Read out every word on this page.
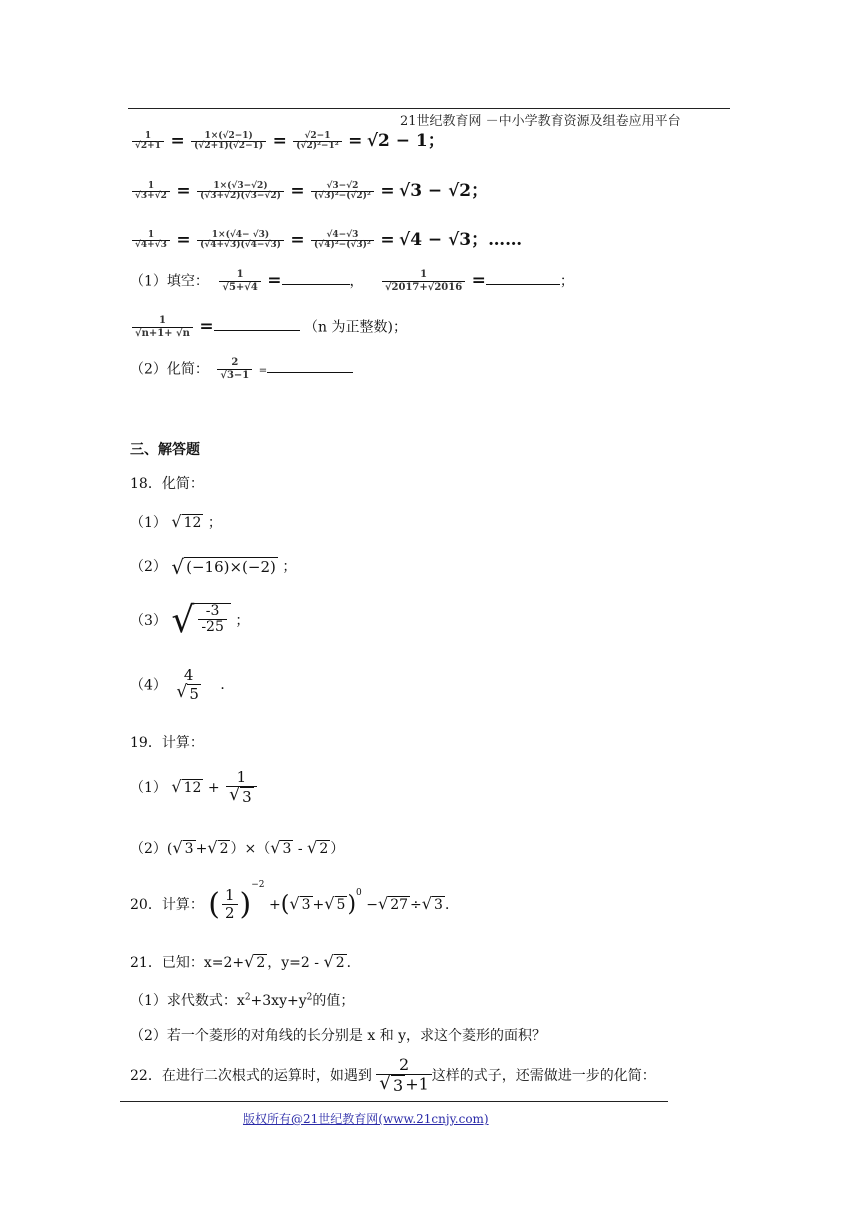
21世纪教育网 －中小学教育资源及组卷应用平台
版权所有@21世纪教育网(www.21cnjy.com)
$\frac{1}{√2+1} = \frac{1\times(√2-1)}{(√2+1)(√2-1)} = \frac{√2-1}{\text{(√2)²−1²}} = √2 - 1$；
$\frac{1}{√3+√2} = \frac{1\times(√3-√2)}{(√3+√2)(√3-√2)} = \frac{√3-√2}{\text{(√3)²−(√2)²}} = √3 - √2$；
$\frac{1}{√4+√3} = \frac{1\times(√4- √3)}{(√4+√3)(√4-√3)} = \frac{√4-√3}{\text{(√4)²−(√3)²}} = √4 - √3$；……
（1）填空： $\frac{1}{√5+√4}$ =	， $\frac{1}{√2017+√2016}$ =	；
$\frac{1}{√n+1+ √n}$ =	（n 为正整数)；
（2）化简： $\frac{2}{√3-1}$ =
三、解答题
18．化简：
（1） √ 12 ；
（2） √ (−16)×(−2) ；
（3） √ $\frac{-3}{-25}$ ；
（4）
4
√ 5 ．
19．计算：
（1） √ $12 + \frac{1}{√ 3}$
（2）( √ 3 + √ 2 ）×（ √ 3 - √ 2 ）
20．计算： ( $\frac{1}{2} )^{-2}$ +( √ 3 + √ 5 )$^0$ − √ 27 ÷ √ 3 ．
21．已知：x=2+ √ 2 ，y=2 - √ 2 ．
（1）求代数式：$x^2+3xy+y^2$的值；
（2）若一个菱形的对角线的长分别是 x 和 y，求这个菱形的面积？
22．在进行二次根式的运算时，如遇到 $\frac{2}{√ 3 +1}$ 这样的式子，还需做进一步的化简：
